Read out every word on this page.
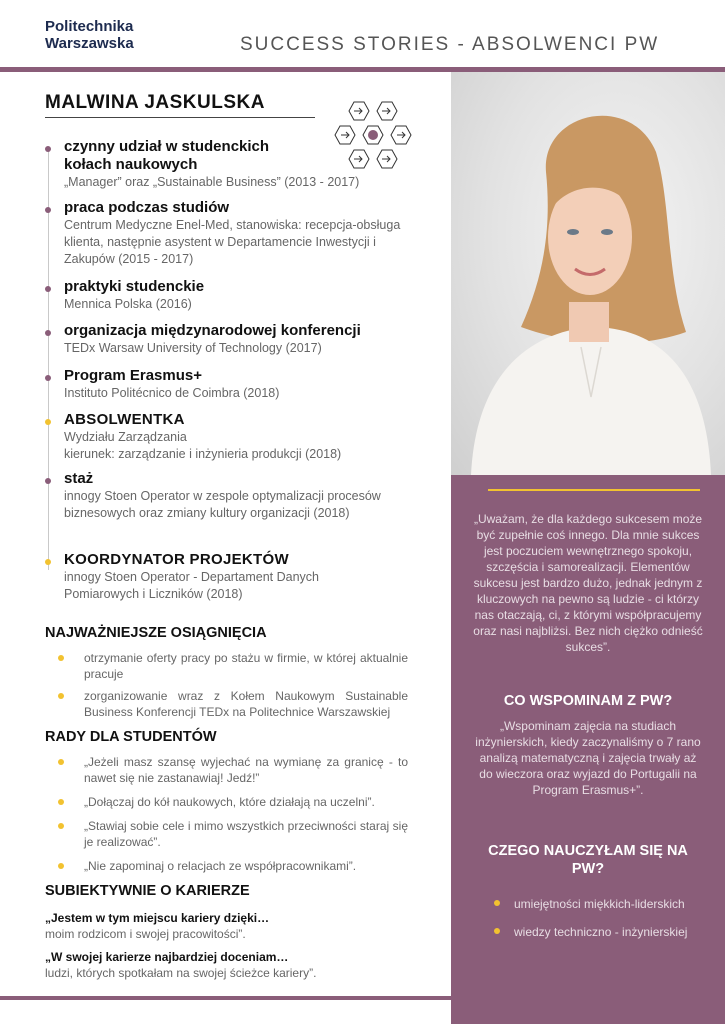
Politechnika
Warszawska	SUCCESS STORIES - ABSOLWENCI PW
MALWINA JASKULSKA
czynny udział w studenckich kołach naukowych
„Manager” oraz „Sustainable Business” (2013 - 2017)
praca podczas studiów
Centrum Medyczne Enel-Med, stanowiska: recepcja-obsługa klienta, następnie asystent w Departamencie Inwestycji i Zakupów (2015 - 2017)
praktyki studenckie
Mennica Polska (2016)
organizacja międzynarodowej konferencji
TEDx Warsaw University of Technology (2017)
Program Erasmus+
Instituto Politécnico de Coimbra (2018)
ABSOLWENTKA
Wydziału Zarządzania
kierunek: zarządzanie i inżynieria produkcji (2018)
staż
innogy Stoen Operator w zespole optymalizacji procesów biznesowych oraz zmiany kultury organizacji (2018)
KOORDYNATOR PROJEKTÓW
innogy Stoen Operator - Departament Danych Pomiarowych i Liczników (2018)
NAJWAŻNIEJSZE OSIĄGNIĘCIA
otrzymanie oferty pracy po stażu w firmie, w której aktualnie pracuje
zorganizowanie wraz z Kołem Naukowym Sustainable Business Konferencji TEDx na Politechnice Warszawskiej
RADY DLA STUDENTÓW
„Jeżeli masz szansę wyjechać na wymianę za granicę - to nawet się nie zastanawiaj! Jedź!”
„Dołączaj do kół naukowych, które działają na uczelni”.
„Stawiaj sobie cele i mimo wszystkich przeciwności staraj się je realizować”.
„Nie zapominaj o relacjach ze współpracownikami”.
SUBIEKTYWNIE O KARIERZE
„Jestem w tym miejscu kariery dzięki…
moim rodzicom i swojej pracowitości”.
„W swojej karierze najbardziej doceniam…
ludzi, których spotkałam na swojej ścieżce kariery”.
„Uważam, że dla każdego sukcesem może być zupełnie coś innego. Dla mnie sukces jest poczuciem wewnętrznego spokoju, szczęścia i samorealizacji. Elementów sukcesu jest bardzo dużo, jednak jednym z kluczowych na pewno są ludzie - ci którzy nas otaczają, ci, z którymi współpracujemy oraz nasi najbliżsi. Bez nich ciężko odnieść sukces”.
CO WSPOMINAM Z PW?
„Wspominam zajęcia na studiach inżynierskich, kiedy zaczynaliśmy o 7 rano analizą matematyczną i zajęcia trwały aż do wieczora oraz wyjazd do Portugalii na Program Erasmus+”.
CZEGO NAUCZYŁAM SIĘ NA PW?
umiejętności miękkich-liderskich
wiedzy techniczno - inżynierskiej
